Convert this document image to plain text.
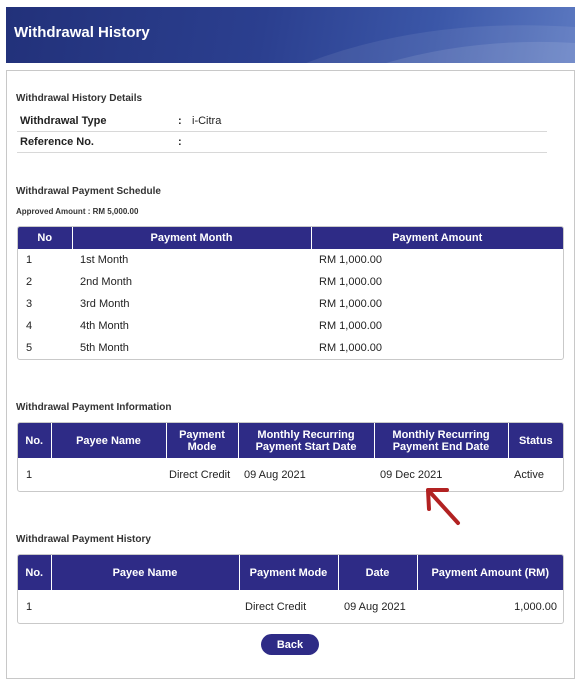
Withdrawal History
Withdrawal History Details
Withdrawal Type	: i-Citra
Reference No.	:
Withdrawal Payment Schedule
Approved Amount : RM 5,000.00
No	Payment Month	Payment Amount
1	1st Month	RM 1,000.00
2	2nd Month	RM 1,000.00
3	3rd Month	RM 1,000.00
4	4th Month	RM 1,000.00
5	5th Month	RM 1,000.00
Withdrawal Payment Information
No.	Payee Name	Payment Mode	Monthly Recurring Payment Start Date	Monthly Recurring Payment End Date	Status
1		Direct Credit	09 Aug 2021	09 Dec 2021	Active
Withdrawal Payment History
No.	Payee Name	Payment Mode	Date	Payment Amount (RM)
1		Direct Credit	09 Aug 2021	1,000.00
Back
